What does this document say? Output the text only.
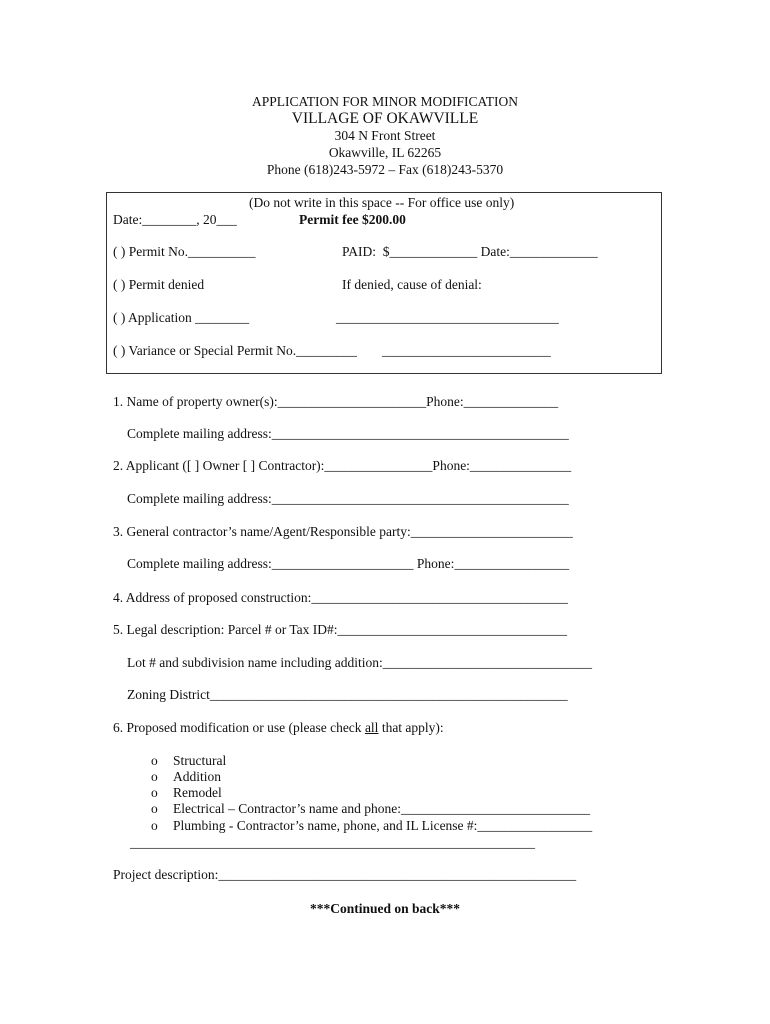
APPLICATION FOR MINOR MODIFICATION
VILLAGE OF OKAWVILLE
304 N Front Street
Okawville, IL 62265
Phone (618)243-5972 – Fax (618)243-5370
(Do not write in this space -- For office use only)
Date:________, 20___	Permit fee $200.00
( ) Permit No.__________	PAID:  $_____________ Date:_____________
( ) Permit denied	If denied, cause of denial:
( ) Application ________	_________________________________
( ) Variance or Special Permit No._________ _________________________
1. Name of property owner(s):______________________Phone:______________
Complete mailing address:____________________________________________
2. Applicant ([ ] Owner [ ] Contractor):________________Phone:_______________
Complete mailing address:____________________________________________
3. General contractor’s name/Agent/Responsible party:________________________
Complete mailing address:_____________________ Phone:_________________
4. Address of proposed construction:______________________________________
5. Legal description: Parcel # or Tax ID#:__________________________________
Lot # and subdivision name including addition:_______________________________
Zoning District_____________________________________________________
6. Proposed modification or use (please check all that apply):
o Structural
o Addition
o Remodel
o Electrical – Contractor’s name and phone:____________________________
o Plumbing - Contractor’s name, phone, and IL License #:_________________
____________________________________________________________
Project description:_____________________________________________________
***Continued on back***
